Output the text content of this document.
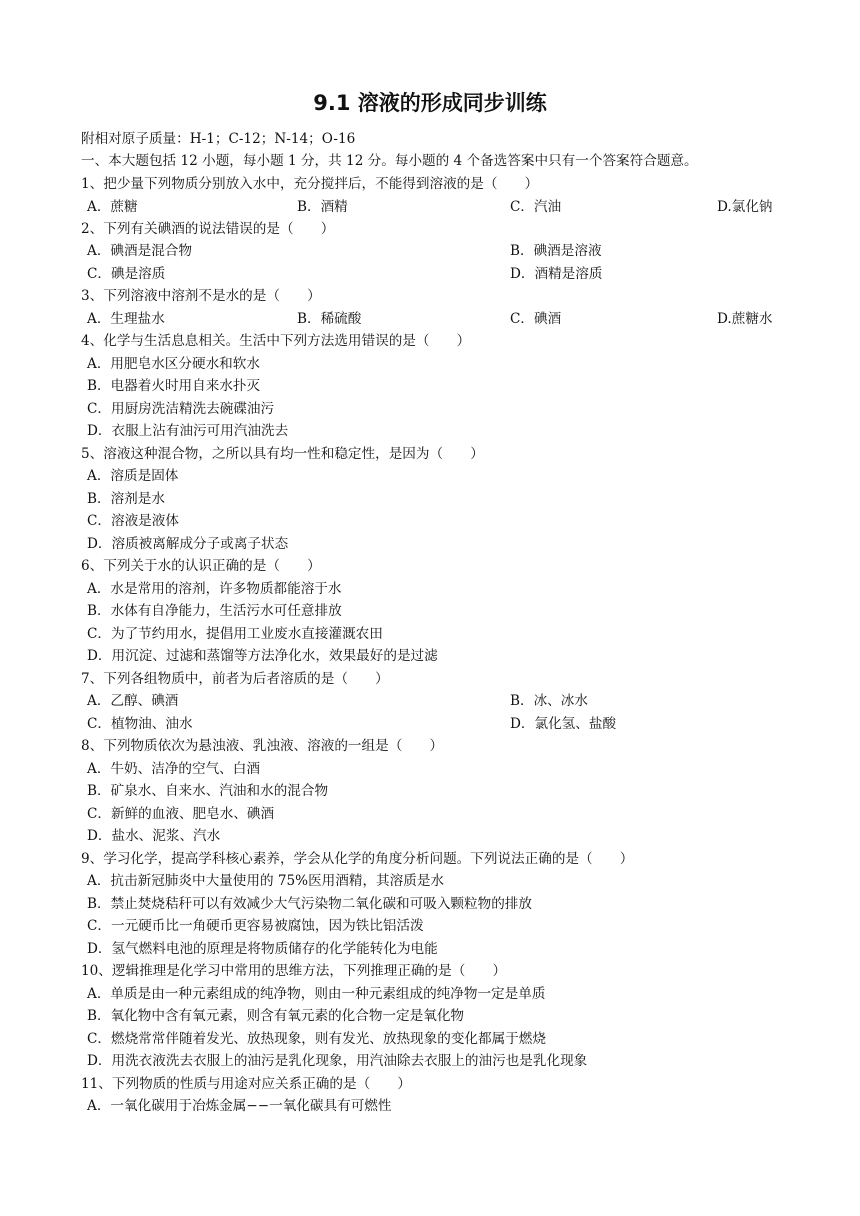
9.1 溶液的形成同步训练
附相对原子质量：H-1；C-12；N-14；O-16
一、本大题包括 12 小题，每小题 1 分，共 12 分。每小题的 4 个备选答案中只有一个答案符合题意。
1、把少量下列物质分别放入水中，充分搅拌后，不能得到溶液的是（　　）
A．蔗糖	B．酒精	C．汽油	D.氯化钠
2、下列有关碘酒的说法错误的是（　　）
A．碘酒是混合物	B．碘酒是溶液
C．碘是溶质	D．酒精是溶质
3、下列溶液中溶剂不是水的是（　　）
A．生理盐水	B．稀硫酸	C．碘酒	D.蔗糖水
4、化学与生活息息相关。生活中下列方法选用错误的是（　　）
A．用肥皂水区分硬水和软水
B．电器着火时用自来水扑灭
C．用厨房洗洁精洗去碗碟油污
D．衣服上沾有油污可用汽油洗去
5、溶液这种混合物，之所以具有均一性和稳定性，是因为（　　）
A．溶质是固体
B．溶剂是水
C．溶液是液体
D．溶质被离解成分子或离子状态
6、下列关于水的认识正确的是（　　）
A．水是常用的溶剂，许多物质都能溶于水
B．水体有自净能力，生活污水可任意排放
C．为了节约用水，提倡用工业废水直接灌溉农田
D．用沉淀、过滤和蒸馏等方法净化水，效果最好的是过滤
7、下列各组物质中，前者为后者溶质的是（　　）
A．乙醇、碘酒	B．冰、冰水
C．植物油、油水	D．氯化氢、盐酸
8、下列物质依次为悬浊液、乳浊液、溶液的一组是（　　）
A．牛奶、洁净的空气、白酒
B．矿泉水、自来水、汽油和水的混合物
C．新鲜的血液、肥皂水、碘酒
D．盐水、泥浆、汽水
9、学习化学，提高学科核心素养，学会从化学的角度分析问题。下列说法正确的是（　　）
A．抗击新冠肺炎中大量使用的 75%医用酒精，其溶质是水
B．禁止焚烧秸秆可以有效减少大气污染物二氧化碳和可吸入颗粒物的排放
C．一元硬币比一角硬币更容易被腐蚀，因为铁比铝活泼
D．氢气燃料电池的原理是将物质储存的化学能转化为电能
10、逻辑推理是化学习中常用的思维方法，下列推理正确的是（　　）
A．单质是由一种元素组成的纯净物，则由一种元素组成的纯净物一定是单质
B．氧化物中含有氧元素，则含有氧元素的化合物一定是氧化物
C．燃烧常常伴随着发光、放热现象，则有发光、放热现象的变化都属于燃烧
D．用洗衣液洗去衣服上的油污是乳化现象，用汽油除去衣服上的油污也是乳化现象
11、下列物质的性质与用途对应关系正确的是（　　）
A．一氧化碳用于冶炼金属−−一氧化碳具有可燃性
